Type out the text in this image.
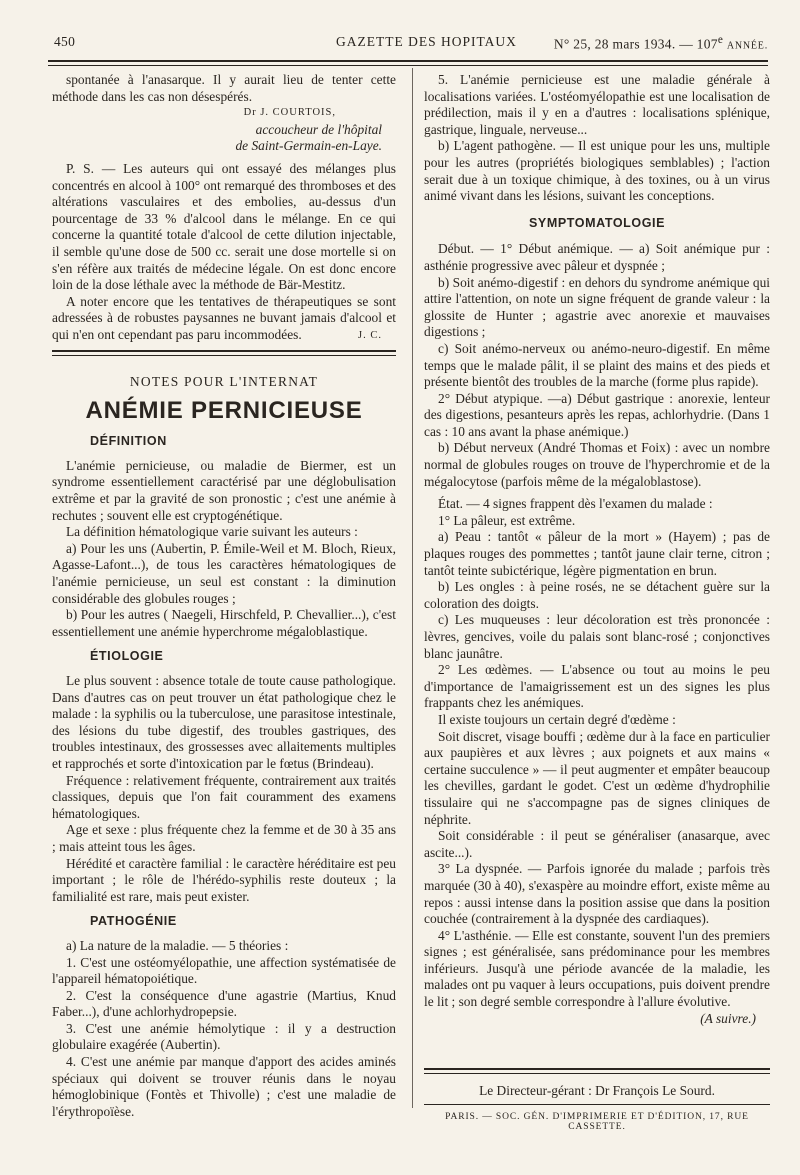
450	GAZETTE DES HOPITAUX	N° 25, 28 mars 1934. — 107e ANNÉE.

spontanée à l'anasarque. Il y aurait lieu de tenter cette méthode dans les cas non désespérés.

Dr J. COURTOIS,
accoucheur de l'hôpital
de Saint-Germain-en-Laye.

P. S. — Les auteurs qui ont essayé des mélanges plus concentrés en alcool à 100° ont remarqué des thromboses et des altérations vasculaires et des embolies, au-dessus d'un pourcentage de 33 % d'alcool dans le mélange. En ce qui concerne la quantité totale d'alcool de cette dilution injectable, il semble qu'une dose de 500 cc. serait une dose mortelle si on s'en réfère aux traités de médecine légale. On est donc encore loin de la dose léthale avec la méthode de Bär-Mestitz.

A noter encore que les tentatives de thérapeutiques se sont adressées à de robustes paysannes ne buvant jamais d'alcool et qui n'en ont cependant pas paru incommodées.	J. C.
NOTES POUR L'INTERNAT
ANÉMIE PERNICIEUSE
DÉFINITION

L'anémie pernicieuse, ou maladie de Biermer, est un syndrome essentiellement caractérisé par une déglobulisation extrême et par la gravité de son pronostic ; c'est une anémie à rechutes ; souvent elle est cryptogénétique.

La définition hématologique varie suivant les auteurs :

a) Pour les uns (Aubertin, P. Émile-Weil et M. Bloch, Rieux, Agasse-Lafont...), de tous les caractères hématologiques de l'anémie pernicieuse, un seul est constant : la diminution considérable des globules rouges ;

b) Pour les autres ( Naegeli, Hirschfeld, P. Chevallier...), c'est essentiellement une anémie hyperchrome mégaloblastique.

ÉTIOLOGIE

Le plus souvent : absence totale de toute cause pathologique. Dans d'autres cas on peut trouver un état pathologique chez le malade : la syphilis ou la tuberculose, une parasitose intestinale, des lésions du tube digestif, des troubles gastriques, des troubles intestinaux, des grossesses avec allaitements multiples et rapprochés et sorte d'intoxication par le fœtus (Brindeau).

Fréquence : relativement fréquente, contrairement aux traités classiques, depuis que l'on fait couramment des examens hématologiques.

Age et sexe : plus fréquente chez la femme et de 30 à 35 ans ; mais atteint tous les âges.

Hérédité et caractère familial : le caractère héréditaire est peu important ; le rôle de l'hérédo-syphilis reste douteux ; la familialité est rare, mais peut exister.

PATHOGÉNIE

a) La nature de la maladie. — 5 théories :

1. C'est une ostéomyélopathie, une affection systématisée de l'appareil hématopoiétique.

2. C'est la conséquence d'une agastrie (Martius, Knud Faber...), d'une achlorhydropepsie.

3. C'est une anémie hémolytique : il y a destruction globulaire exagérée (Aubertin).

4. C'est une anémie par manque d'apport des acides aminés spéciaux qui doivent se trouver réunis dans le noyau hémoglobinique (Fontès et Thivolle) ; c'est une maladie de l'érythropoïèse.

5. L'anémie pernicieuse est une maladie générale à localisations variées. L'ostéomyélopathie est une localisation de prédilection, mais il y en a d'autres : localisations splénique, gastrique, linguale, nerveuse...

b) L'agent pathogène. — Il est unique pour les uns, multiple pour les autres (propriétés biologiques semblables) ; l'action serait due à un toxique chimique, à des toxines, ou à un virus animé vivant dans les lésions, suivant les conceptions.

SYMPTOMATOLOGIE

Début. — 1° Début anémique. — a) Soit anémique pur : asthénie progressive avec pâleur et dyspnée ;

b) Soit anémo-digestif : en dehors du syndrome anémique qui attire l'attention, on note un signe fréquent de grande valeur : la glossite de Hunter ; agastrie avec anorexie et mauvaises digestions ;

c) Soit anémo-nerveux ou anémo-neuro-digestif. En même temps que le malade pâlit, il se plaint des mains et des pieds et présente bientôt des troubles de la marche (forme plus rapide).

2° Début atypique. —a) Début gastrique : anorexie, lenteur des digestions, pesanteurs après les repas, achlorhydrie. (Dans 1 cas : 10 ans avant la phase anémique.)

b) Début nerveux (André Thomas et Foix) : avec un nombre normal de globules rouges on trouve de l'hyperchromie et de la mégalocytose (parfois même de la mégaloblastose).

État. — 4 signes frappent dès l'examen du malade :

1° La pâleur, est extrême.

a) Peau : tantôt « pâleur de la mort » (Hayem) ; pas de plaques rouges des pommettes ; tantôt jaune clair terne, citron ; tantôt teinte subictérique, légère pigmentation en brun.

b) Les ongles : à peine rosés, ne se détachent guère sur la coloration des doigts.

c) Les muqueuses : leur décoloration est très prononcée : lèvres, gencives, voile du palais sont blanc-rosé ; conjonctives blanc jaunâtre.

2° Les œdèmes. — L'absence ou tout au moins le peu d'importance de l'amaigrissement est un des signes les plus frappants chez les anémiques.

Il existe toujours un certain degré d'œdème :

Soit discret, visage bouffi ; œdème dur à la face en particulier aux paupières et aux lèvres ; aux poignets et aux mains « certaine succulence » — il peut augmenter et empâter beaucoup les chevilles, gardant le godet. C'est un œdème d'hydrophilie tissulaire qui ne s'accompagne pas de signes cliniques de néphrite.

Soit considérable : il peut se généraliser (anasarque, avec ascite...).

3° La dyspnée. — Parfois ignorée du malade ; parfois très marquée (30 à 40), s'exaspère au moindre effort, existe même au repos : aussi intense dans la position assise que dans la position couchée (contrairement à la dyspnée des cardiaques).

4° L'asthénie. — Elle est constante, souvent l'un des premiers signes ; est généralisée, sans prédominance pour les membres inférieurs. Jusqu'à une période avancée de la maladie, les malades ont pu vaquer à leurs occupations, puis doivent prendre le lit ; son degré semble correspondre à l'allure évolutive.

(A suivre.)
Le Directeur-gérant : Dr François Le Sourd.
PARIS. — SOC. GÉN. D'IMPRIMERIE ET D'ÉDITION, 17, RUE CASSETTE.
